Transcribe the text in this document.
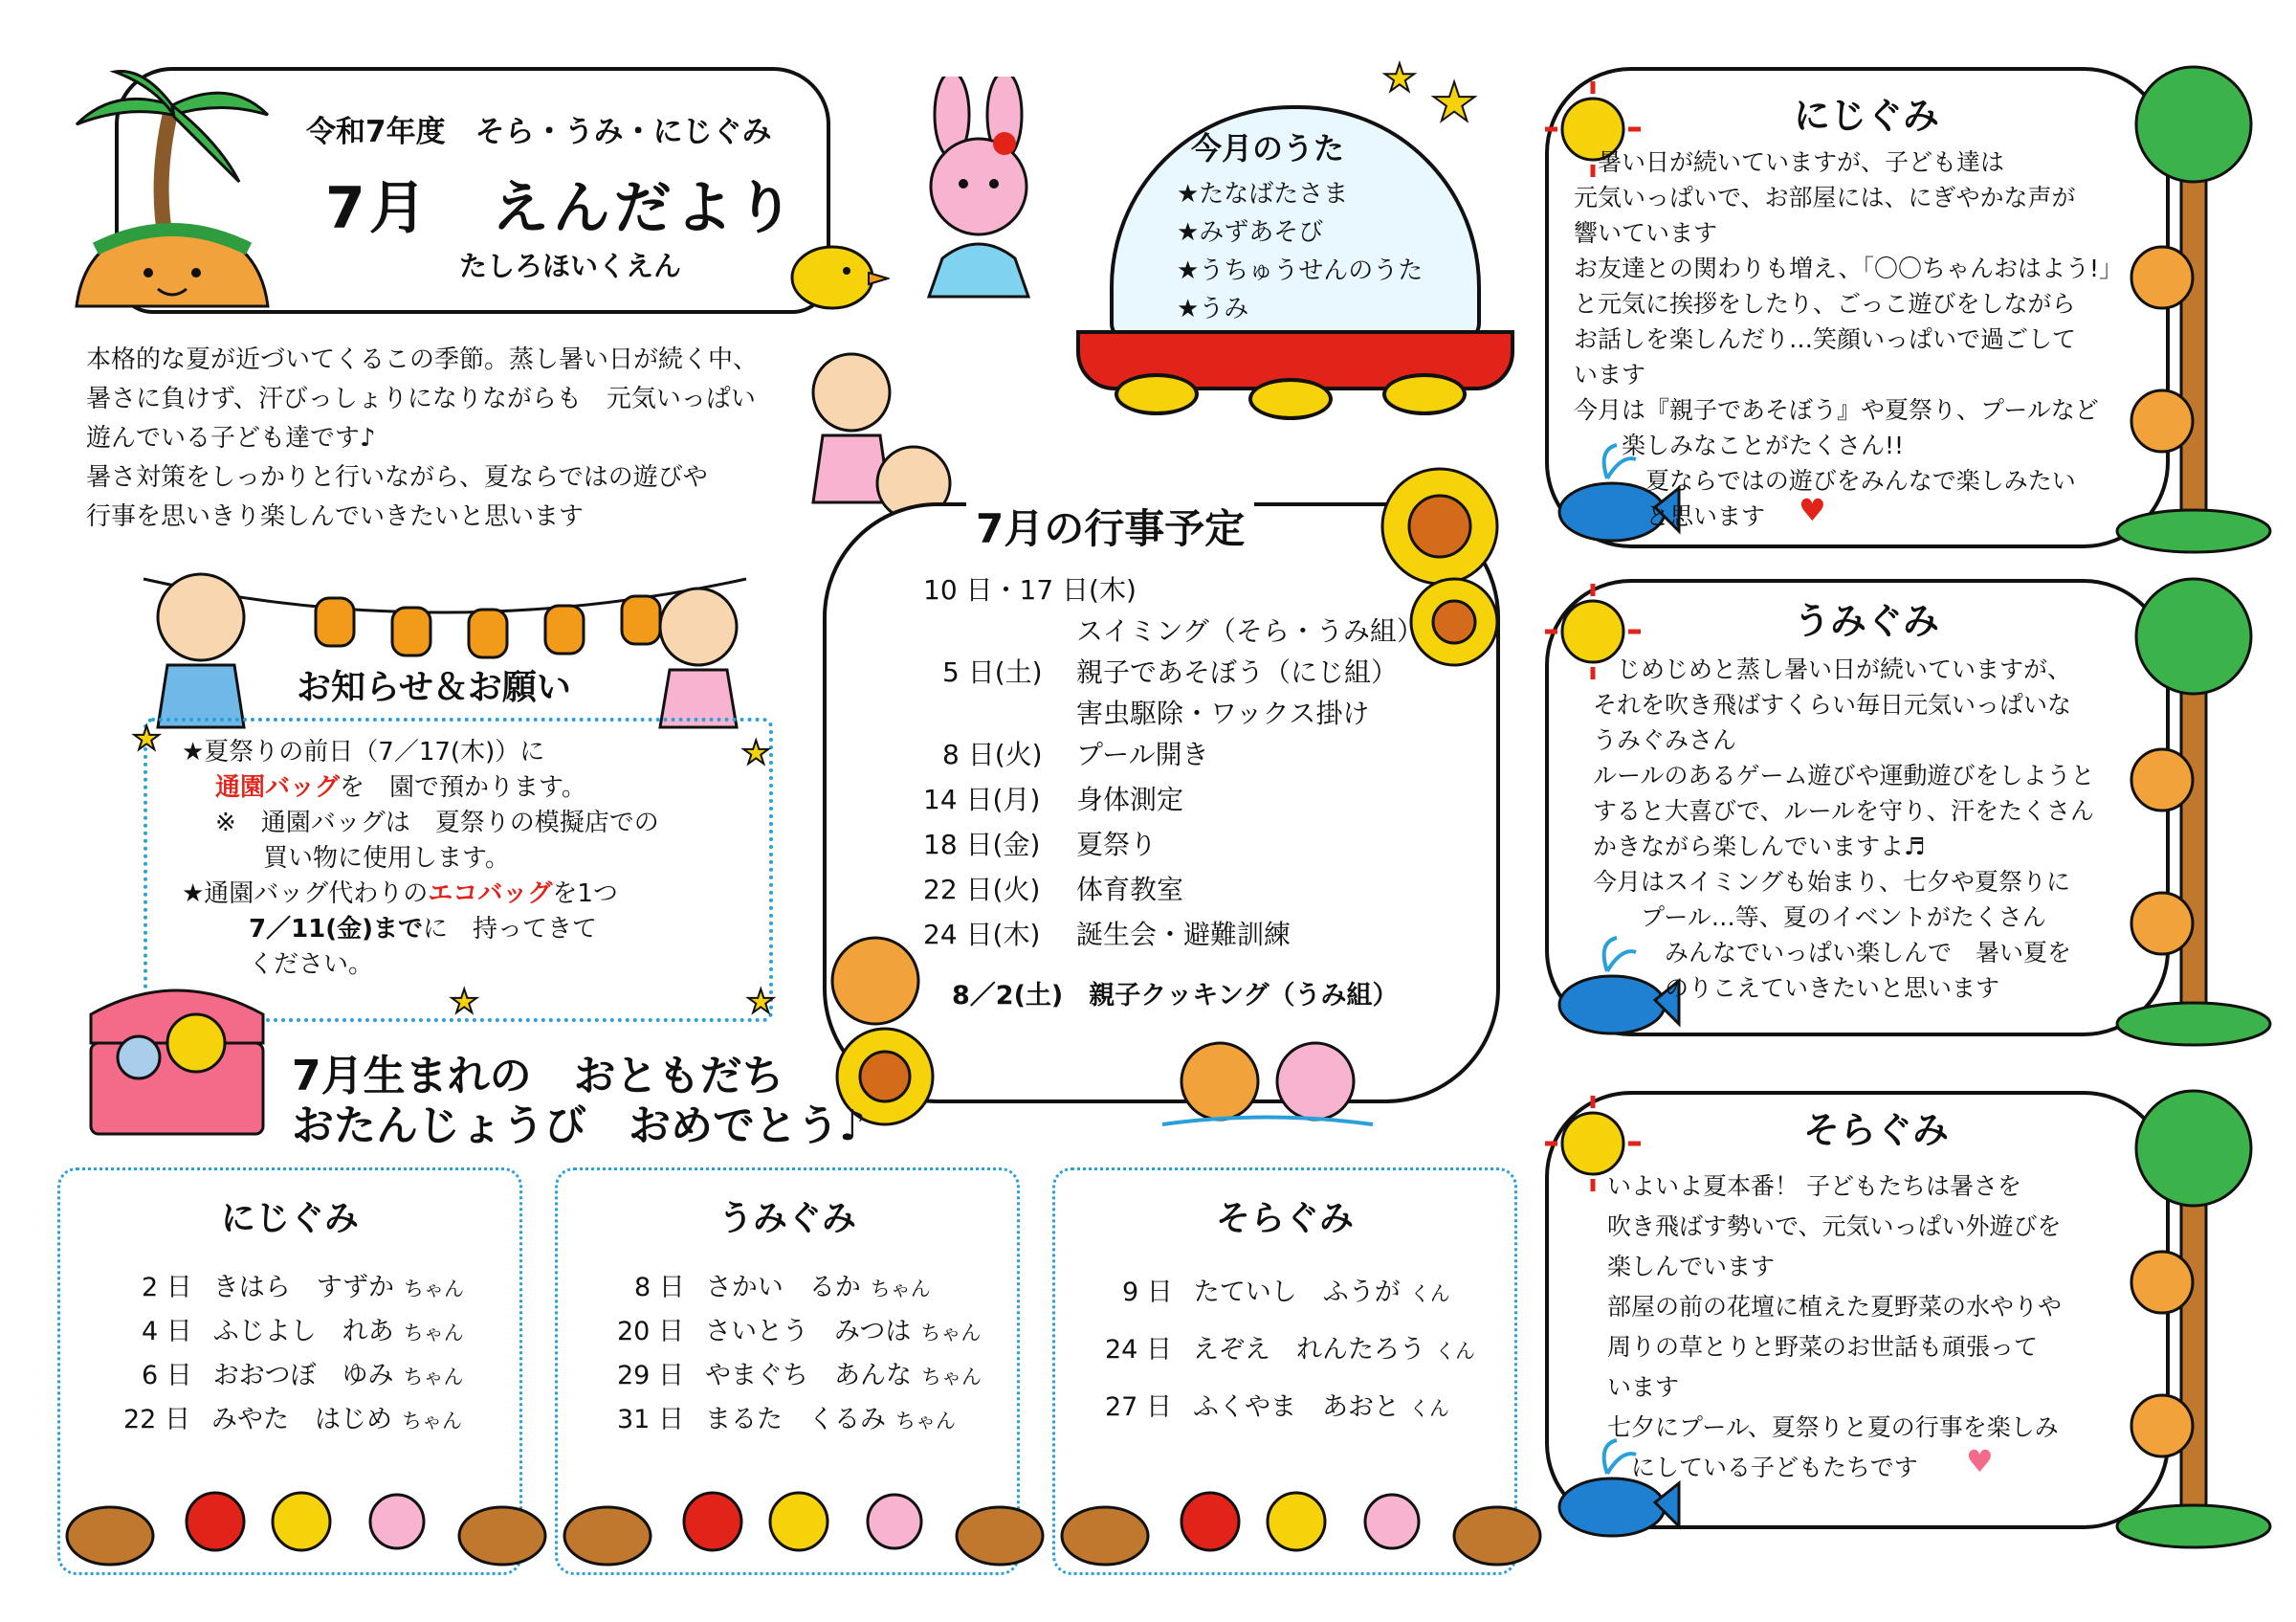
令和7年度　そら・うみ・にじぐみ
7月　えんだより
たしろほいくえん
今月のうた
★たなばたさま
★みずあそび
★うちゅうせんのうた
★うみ
★ ★
本格的な夏が近づいてくるこの季節。蒸し暑い日が続く中、
暑さに負けず、汗びっしょりになりながらも　元気いっぱい
遊んでいる子ども達です♪
暑さ対策をしっかりと行いながら、夏ならではの遊びや
行事を思いきり楽しんでいきたいと思います
お知らせ＆お願い
★夏祭りの前日（7／17(木)）に
通園バッグを　園で預かります。
※　通園バッグは　夏祭りの模擬店での
買い物に使用します。
★通園バッグ代わりのエコバッグを1つ
7／11(金)までに　持ってきて
ください。
★	★
★	★
7月の行事予定
10 日・17 日(木)
スイミング（そら・うみ組）
5 日(土) 親子であそぼう（にじ組）
害虫駆除・ワックス掛け
8 日(火) プール開き
14 日(月) 身体測定
18 日(金) 夏祭り
22 日(火) 体育教室
24 日(木) 誕生会・避難訓練
8／2(土)　親子クッキング（うみ組）
7月生まれの　おともだち
おたんじょうび　おめでとう♪
にじぐみ
2 日 きはら　すずか ちゃん
4 日 ふじよし　れあ ちゃん
6 日 おおつぼ　ゆみ ちゃん
22 日 みやた　はじめ ちゃん
うみぐみ
8 日 さかい　るか ちゃん
20 日 さいとう　みつは ちゃん
29 日 やまぐち　あんな ちゃん
31 日 まるた　くるみ ちゃん
そらぐみ
9 日 たていし　ふうが くん
24 日 えぞえ　れんたろう くん
27 日 ふくやま　あおと くん
にじぐみ
　暑い日が続いていますが、子ども達は
元気いっぱいで、お部屋には、にぎやかな声が
響いています
お友達との関わりも増え、「〇〇ちゃんおはよう!」
と元気に挨拶をしたり、ごっこ遊びをしながら
お話しを楽しんだり…笑顔いっぱいで過ごして
います
今月は『親子であそぼう』や夏祭り、プールなど
　　楽しみなことがたくさん!!
　　　夏ならではの遊びをみんなで楽しみたい
　　　と思います ♥
うみぐみ
　じめじめと蒸し暑い日が続いていますが、
それを吹き飛ばすくらい毎日元気いっぱいな
うみぐみさん
ルールのあるゲーム遊びや運動遊びをしようと
すると大喜びで、ルールを守り、汗をたくさん
かきながら楽しんでいますよ♬
今月はスイミングも始まり、七夕や夏祭りに
　　プール…等、夏のイベントがたくさん
　　　みんなでいっぱい楽しんで　暑い夏を
　　　のりこえていきたいと思います
そらぐみ
いよいよ夏本番！ 子どもたちは暑さを
吹き飛ばす勢いで、元気いっぱい外遊びを
楽しんでいます
部屋の前の花壇に植えた夏野菜の水やりや
周りの草とりと野菜のお世話も頑張って
います
七夕にプール、夏祭りと夏の行事を楽しみ
　にしている子どもたちです ♥
